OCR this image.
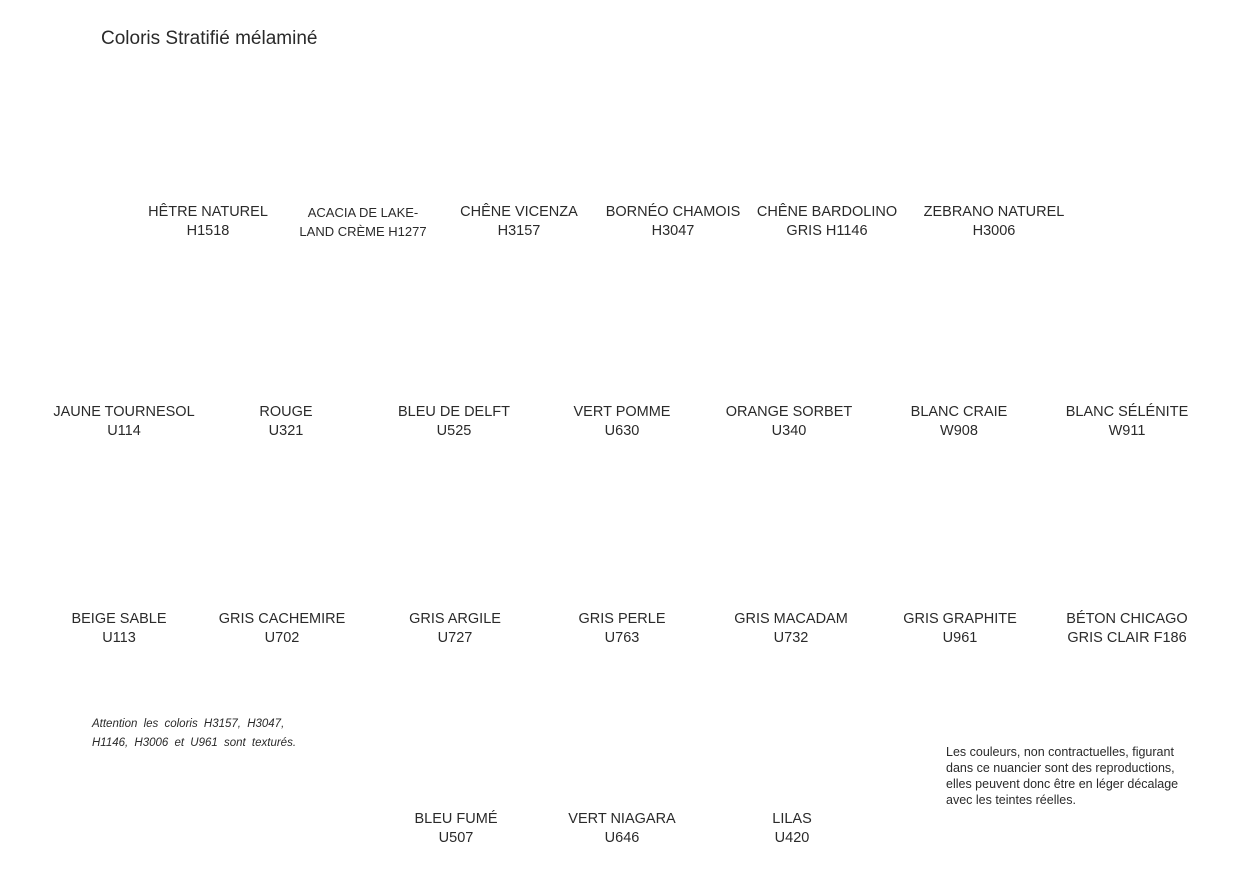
Coloris Stratifié mélaminé
HÊTRE NATUREL
H1518
ACACIA DE LAKE-
LAND CRÈME H1277
CHÊNE VICENZA
H3157
BORNÉO CHAMOIS
H3047
CHÊNE BARDOLINO
GRIS H1146
ZEBRANO NATUREL
H3006
JAUNE TOURNESOL
U114
ROUGE
U321
BLEU DE DELFT
U525
VERT POMME
U630
ORANGE SORBET
U340
BLANC CRAIE
W908
BLANC SÉLÉNITE
W911
BEIGE SABLE
U113
GRIS CACHEMIRE
U702
GRIS ARGILE
U727
GRIS PERLE
U763
GRIS MACADAM
U732
GRIS GRAPHITE
U961
BÉTON CHICAGO
GRIS CLAIR F186
BLEU FUMÉ
U507
VERT NIAGARA
U646
LILAS
U420
Attention les coloris H3157, H3047, H1146, H3006 et U961 sont texturés.
Les couleurs, non contractuelles, figurant dans ce nuancier sont des reproductions, elles peuvent donc être en léger décalage avec les teintes réelles.
